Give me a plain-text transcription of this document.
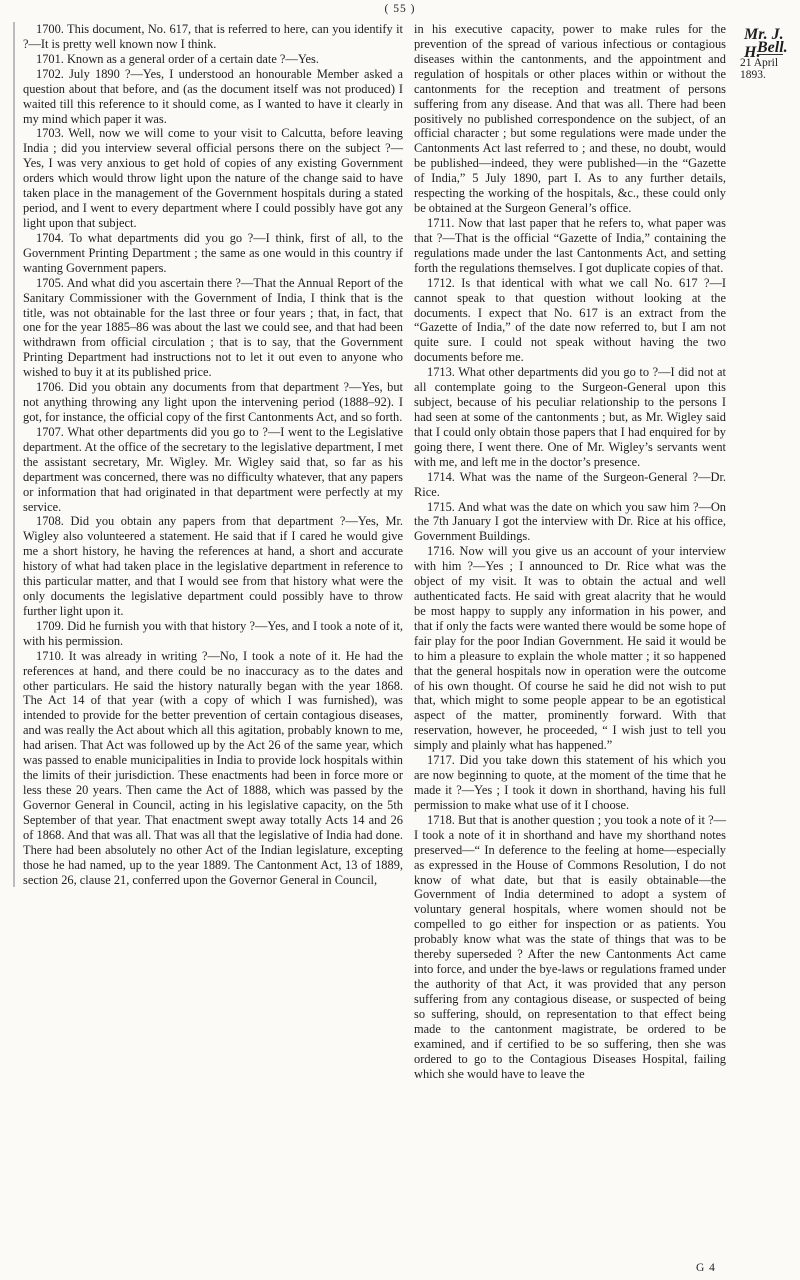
( 55 )

1700. This document, No. 617, that is referred to here, can you identify it ?—It is pretty well known now I think.

1701. Known as a general order of a certain date ?—Yes.

1702. July 1890 ?—Yes, I understood an honourable Member asked a question about that before, and (as the document itself was not produced) I waited till this reference to it should come, as I wanted to have it clearly in my mind which paper it was.

1703. Well, now we will come to your visit to Calcutta, before leaving India ; did you interview several official persons there on the subject ?—Yes, I was very anxious to get hold of copies of any existing Government orders which would throw light upon the nature of the change said to have taken place in the management of the Government hospitals during a stated period, and I went to every department where I could possibly have got any light upon that subject.

1704. To what departments did you go ?—I think, first of all, to the Government Printing Department ; the same as one would in this country if wanting Government papers.

1705. And what did you ascertain there ?—That the Annual Report of the Sanitary Commissioner with the Government of India, I think that is the title, was not obtainable for the last three or four years ; that, in fact, that one for the year 1885–86 was about the last we could see, and that had been withdrawn from official circulation ; that is to say, that the Government Printing Department had instructions not to let it out even to anyone who wished to buy it at its published price.

1706. Did you obtain any documents from that department ?—Yes, but not anything throwing any light upon the intervening period (1888–92). I got, for instance, the official copy of the first Cantonments Act, and so forth.

1707. What other departments did you go to ?—I went to the Legislative department. At the office of the secretary to the legislative department, I met the assistant secretary, Mr. Wigley. Mr. Wigley said that, so far as his department was concerned, there was no difficulty whatever, that any papers or information that had originated in that department were perfectly at my service.

1708. Did you obtain any papers from that department ?—Yes, Mr. Wigley also volunteered a statement. He said that if I cared he would give me a short history, he having the references at hand, a short and accurate history of what had taken place in the legislative department in reference to this particular matter, and that I would see from that history what were the only documents the legislative department could possibly have to throw further light upon it.

1709. Did he furnish you with that history ?—Yes, and I took a note of it, with his permission.

1710. It was already in writing ?—No, I took a note of it. He had the references at hand, and there could be no inaccuracy as to the dates and other particulars. He said the history naturally began with the year 1868. The Act 14 of that year (with a copy of which I was furnished), was intended to provide for the better prevention of certain contagious diseases, and was really the Act about which all this agitation, probably known to me, had arisen. That Act was followed up by the Act 26 of the same year, which was passed to enable municipalities in India to provide lock hospitals within the limits of their jurisdiction. These enactments had been in force more or less these 20 years. Then came the Act of 1888, which was passed by the Governor General in Council, acting in his legislative capacity, on the 5th September of that year. That enactment swept away totally Acts 14 and 26 of 1868. And that was all. That was all that the legislative of India had done. There had been absolutely no other Act of the Indian legislature, excepting those he had named, up to the year 1889. The Cantonment Act, 13 of 1889, section 26, clause 21, conferred upon the Governor General in Council,

in his executive capacity, power to make rules for the prevention of the spread of various infectious or contagious diseases within the cantonments, and the appointment and regulation of hospitals or other places within or without the cantonments for the reception and treatment of persons suffering from any disease. And that was all. There had been positively no published correspondence on the subject, of an official character ; but some regulations were made under the Cantonments Act last referred to ; and these, no doubt, would be published—indeed, they were published—in the “Gazette of India,” 5 July 1890, part I. As to any further details, respecting the working of the hospitals, &c., these could only be obtained at the Surgeon General’s office.

1711. Now that last paper that he refers to, what paper was that ?—That is the official “Gazette of India,” containing the regulations made under the last Cantonments Act, and setting forth the regulations themselves. I got duplicate copies of that.

1712. Is that identical with what we call No. 617 ?—I cannot speak to that question without looking at the documents. I expect that No. 617 is an extract from the “Gazette of India,” of the date now referred to, but I am not quite sure. I could not speak without having the two documents before me.

1713. What other departments did you go to ?—I did not at all contemplate going to the Surgeon-General upon this subject, because of his peculiar relationship to the persons I had seen at some of the cantonments ; but, as Mr. Wigley said that I could only obtain those papers that I had enquired for by going there, I went there. One of Mr. Wigley’s servants went with me, and left me in the doctor’s presence.

1714. What was the name of the Surgeon-General ?—Dr. Rice.

1715. And what was the date on which you saw him ?—On the 7th January I got the interview with Dr. Rice at his office, Government Buildings.

1716. Now will you give us an account of your interview with him ?—Yes ; I announced to Dr. Rice what was the object of my visit. It was to obtain the actual and well authenticated facts. He said with great alacrity that he would be most happy to supply any information in his power, and that if only the facts were wanted there would be some hope of fair play for the poor Indian Government. He said it would be to him a pleasure to explain the whole matter ; it so happened that the general hospitals now in operation were the outcome of his own thought. Of course he said he did not wish to put that, which might to some people appear to be an egotistical aspect of the matter, prominently forward. With that reservation, however, he proceeded, “ I wish just to tell you simply and plainly what has happened.”

1717. Did you take down this statement of his which you are now beginning to quote, at the moment of the time that he made it ?—Yes ; I took it down in shorthand, having his full permission to make what use of it I choose.

1718. But that is another question ; you took a note of it ?—I took a note of it in shorthand and have my shorthand notes preserved—“ In deference to the feeling at home—especially as expressed in the House of Commons Resolution, I do not know of what date, but that is easily obtainable—the Government of India determined to adopt a system of voluntary general hospitals, where women should not be compelled to go either for inspection or as patients. You probably know what was the state of things that was to be thereby superseded ? After the new Cantonments Act came into force, and under the bye-laws or regulations framed under the authority of that Act, it was provided that any person suffering from any contagious disease, or suspected of being so suffering, should, on representation to that effect being made to the cantonment magistrate, be ordered to be examined, and if certified to be so suffering, then she was ordered to go to the Contagious Diseases Hospital, failing which she would have to leave the

Mr. J. H.
Bell.
21 April 1893.
G 4
